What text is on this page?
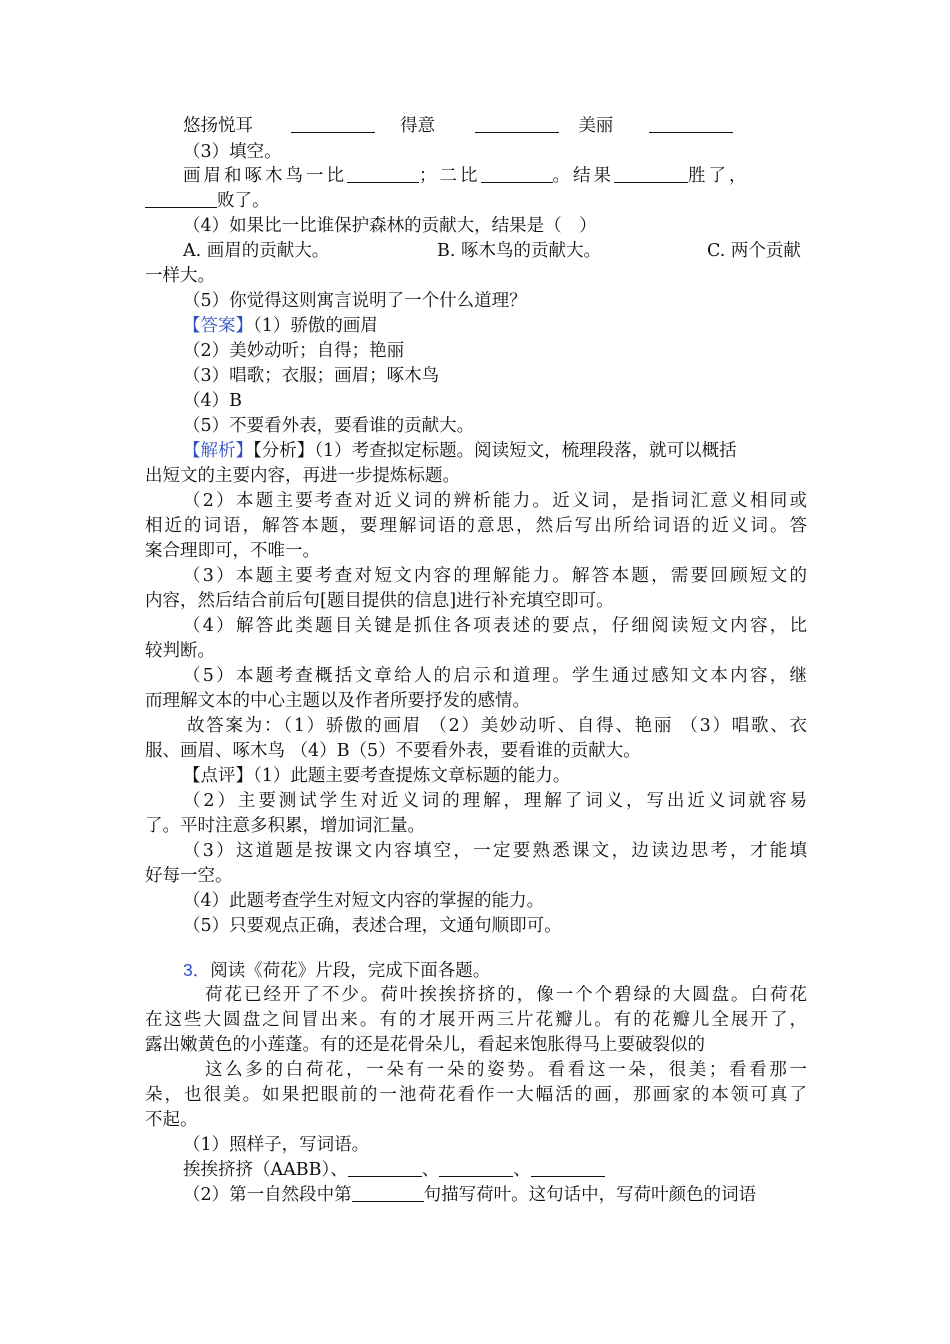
悠扬悦耳	得意	美丽
（3）填空。
画眉和啄木鸟一比	；二比	。结果	胜了，
败了。
（4）如果比一比谁保护森林的贡献大，结果是（　）
A. 画眉的贡献大。	B. 啄木鸟的贡献大。	C. 两个贡献
一样大。
（5）你觉得这则寓言说明了一个什么道理？
【答案】（1）骄傲的画眉
（2）美妙动听；自得；艳丽
（3）唱歌；衣服；画眉；啄木鸟
（4）B
（5）不要看外表，要看谁的贡献大。
【解析】【分析】（1）考查拟定标题。阅读短文，梳理段落，就可以概括
出短文的主要内容，再进一步提炼标题。
（2）本题主要考查对近义词的辨析能力。近义词，是指词汇意义相同或
相近的词语，解答本题，要理解词语的意思，然后写出所给词语的近义词。答
案合理即可，不唯一。
（3）本题主要考查对短文内容的理解能力。解答本题，需要回顾短文的
内容，然后结合前后句[题目提供的信息]进行补充填空即可。
（4）解答此类题目关键是抓住各项表述的要点，仔细阅读短文内容，比
较判断。
（5）本题考查概括文章给人的启示和道理。学生通过感知文本内容，继
而理解文本的中心主题以及作者所要抒发的感情。
故答案为：（1）骄傲的画眉 （2）美妙动听、自得、艳丽 （3）唱歌、衣
服、画眉、啄木鸟 （4）B（5）不要看外表，要看谁的贡献大。
【点评】（1）此题主要考查提炼文章标题的能力。
（2）主要测试学生对近义词的理解，理解了词义，写出近义词就容易
了。平时注意多积累，增加词汇量。
（3）这道题是按课文内容填空，一定要熟悉课文，边读边思考，才能填
好每一空。
（4）此题考查学生对短文内容的掌握的能力。
（5）只要观点正确，表述合理，文通句顺即可。
3．阅读《荷花》片段，完成下面各题。
荷花已经开了不少。荷叶挨挨挤挤的，像一个个碧绿的大圆盘。白荷花
在这些大圆盘之间冒出来。有的才展开两三片花瓣儿。有的花瓣儿全展开了，
露出嫩黄色的小莲蓬。有的还是花骨朵儿，看起来饱胀得马上要破裂似的
这么多的白荷花，一朵有一朵的姿势。看看这一朵，很美；看看那一
朵，也很美。如果把眼前的一池荷花看作一大幅活的画，那画家的本领可真了
不起。
（1）照样子，写词语。
挨挨挤挤（AABB）、	、	、
（2）第一自然段中第	句描写荷叶。这句话中，写荷叶颜色的词语
